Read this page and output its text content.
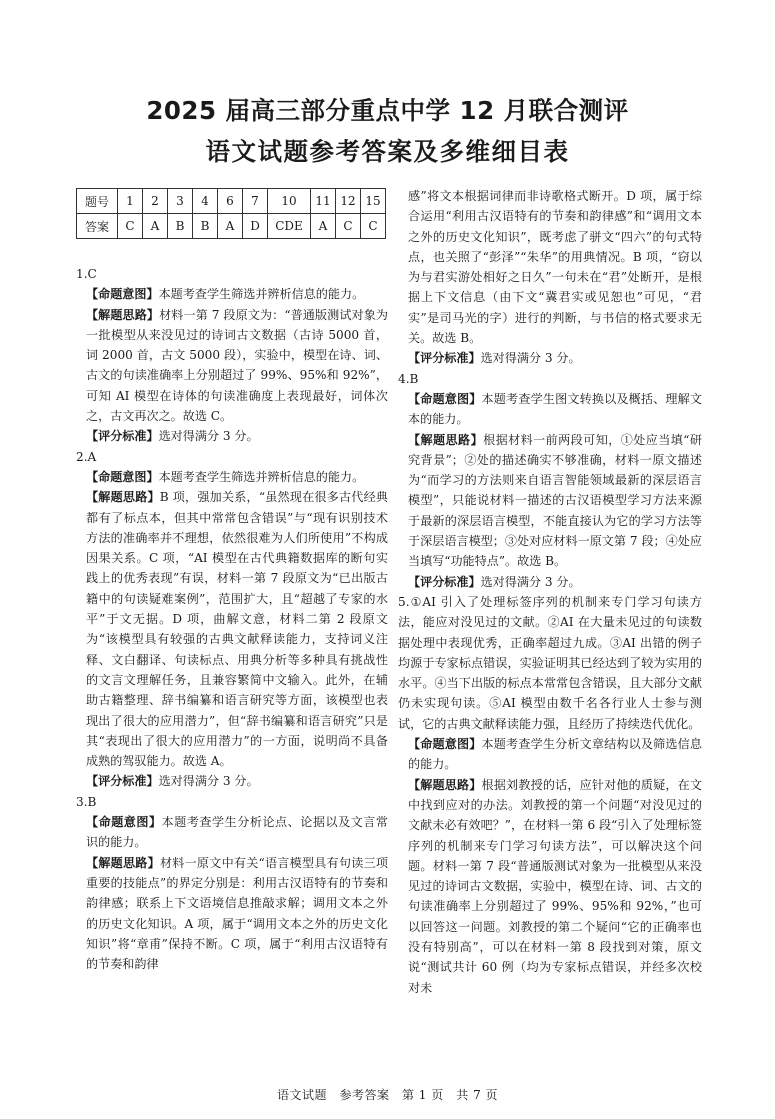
2025 届高三部分重点中学 12 月联合测评
语文试题参考答案及多维细目表
题号	1	2	3	4	6	7	10	11	12	15
答案	C	A	B	B	A	D	CDE	A	C	C

1.C

【命题意图】本题考查学生筛选并辨析信息的能力。

【解题思路】材料一第 7 段原文为：“普通版测试对象为一批模型从来没见过的诗词古文数据（古诗 5000 首，词 2000 首，古文 5000 段），实验中，模型在诗、词、古文的句读准确率上分别超过了 99%、95%和 92%”，可知 AI 模型在诗体的句读准确度上表现最好，词体次之，古文再次之。故选 C。

【评分标准】选对得满分 3 分。

2.A

【命题意图】本题考查学生筛选并辨析信息的能力。

【解题思路】B 项，强加关系，“虽然现在很多古代经典都有了标点本，但其中常常包含错误”与“现有识别技术方法的准确率并不理想，依然很难为人们所使用”不构成因果关系。C 项，“AI 模型在古代典籍数据库的断句实践上的优秀表现”有误，材料一第 7 段原文为“已出版古籍中的句读疑难案例”，范围扩大，且“超越了专家的水平”于文无据。D 项，曲解文意，材料二第 2 段原文为“该模型具有较强的古典文献释读能力，支持词义注释、文白翻译、句读标点、用典分析等多种具有挑战性的文言文理解任务，且兼容繁简中文输入。此外，在辅助古籍整理、辞书编纂和语言研究等方面，该模型也表现出了很大的应用潜力”，但“辞书编纂和语言研究”只是其“表现出了很大的应用潜力”的一方面，说明尚不具备成熟的驾驭能力。故选 A。

【评分标准】选对得满分 3 分。

3.B

【命题意图】本题考查学生分析论点、论据以及文言常识的能力。

【解题思路】材料一原文中有关“语言模型具有句读三项重要的技能点”的界定分别是：利用古汉语特有的节奏和韵律感；联系上下文语境信息推敲求解；调用文本之外的历史文化知识。A 项，属于“调用文本之外的历史文化知识”将“章甫”保持不断。C 项，属于“利用古汉语特有的节奏和韵律

感”将文本根据词律而非诗歌格式断开。D 项，属于综合运用“利用古汉语特有的节奏和韵律感”和“调用文本之外的历史文化知识”，既考虑了骈文“四六”的句式特点，也关照了“彭泽”“朱华”的用典情况。B 项，“窃以为与君实游处相好之日久”一句未在“君”处断开，是根据上下文信息（由下文“冀君实或见恕也”可见，“君实”是司马光的字）进行的判断，与书信的格式要求无关。故选 B。

【评分标准】选对得满分 3 分。

4.B

【命题意图】本题考查学生图文转换以及概括、理解文本的能力。

【解题思路】根据材料一前两段可知，①处应当填“研究背景”；②处的描述确实不够准确，材料一原文描述为“而学习的方法则来自语言智能领域最新的深层语言模型”，只能说材料一描述的古汉语模型学习方法来源于最新的深层语言模型，不能直接认为它的学习方法等于深层语言模型；③处对应材料一原文第 7 段；④处应当填写“功能特点”。故选 B。

【评分标准】选对得满分 3 分。

5.①AI 引入了处理标签序列的机制来专门学习句读方法，能应对没见过的文献。②AI 在大量未见过的句读数据处理中表现优秀，正确率超过九成。③AI 出错的例子均源于专家标点错误，实验证明其已经达到了较为实用的水平。④当下出版的标点本常常包含错误，且大部分文献仍未实现句读。⑤AI 模型由数千名各行业人士参与测试，它的古典文献释读能力强，且经历了持续迭代优化。

【命题意图】本题考查学生分析文章结构以及筛选信息的能力。

【解题思路】根据刘教授的话，应针对他的质疑，在文中找到应对的办法。刘教授的第一个问题“对没见过的文献未必有效吧？”，在材料一第 6 段“引入了处理标签序列的机制来专门学习句读方法”，可以解决这个问题。材料一第 7 段“普通版测试对象为一批模型从来没见过的诗词古文数据，实验中，模型在诗、词、古文的句读准确率上分别超过了 99%、95%和 92%，”也可以回答这一问题。刘教授的第二个疑问“它的正确率也没有特别高”，可以在材料一第 8 段找到对策，原文说“测试共计 60 例（均为专家标点错误，并经多次校对未

语文试题　参考答案　第 1 页　共 7 页
